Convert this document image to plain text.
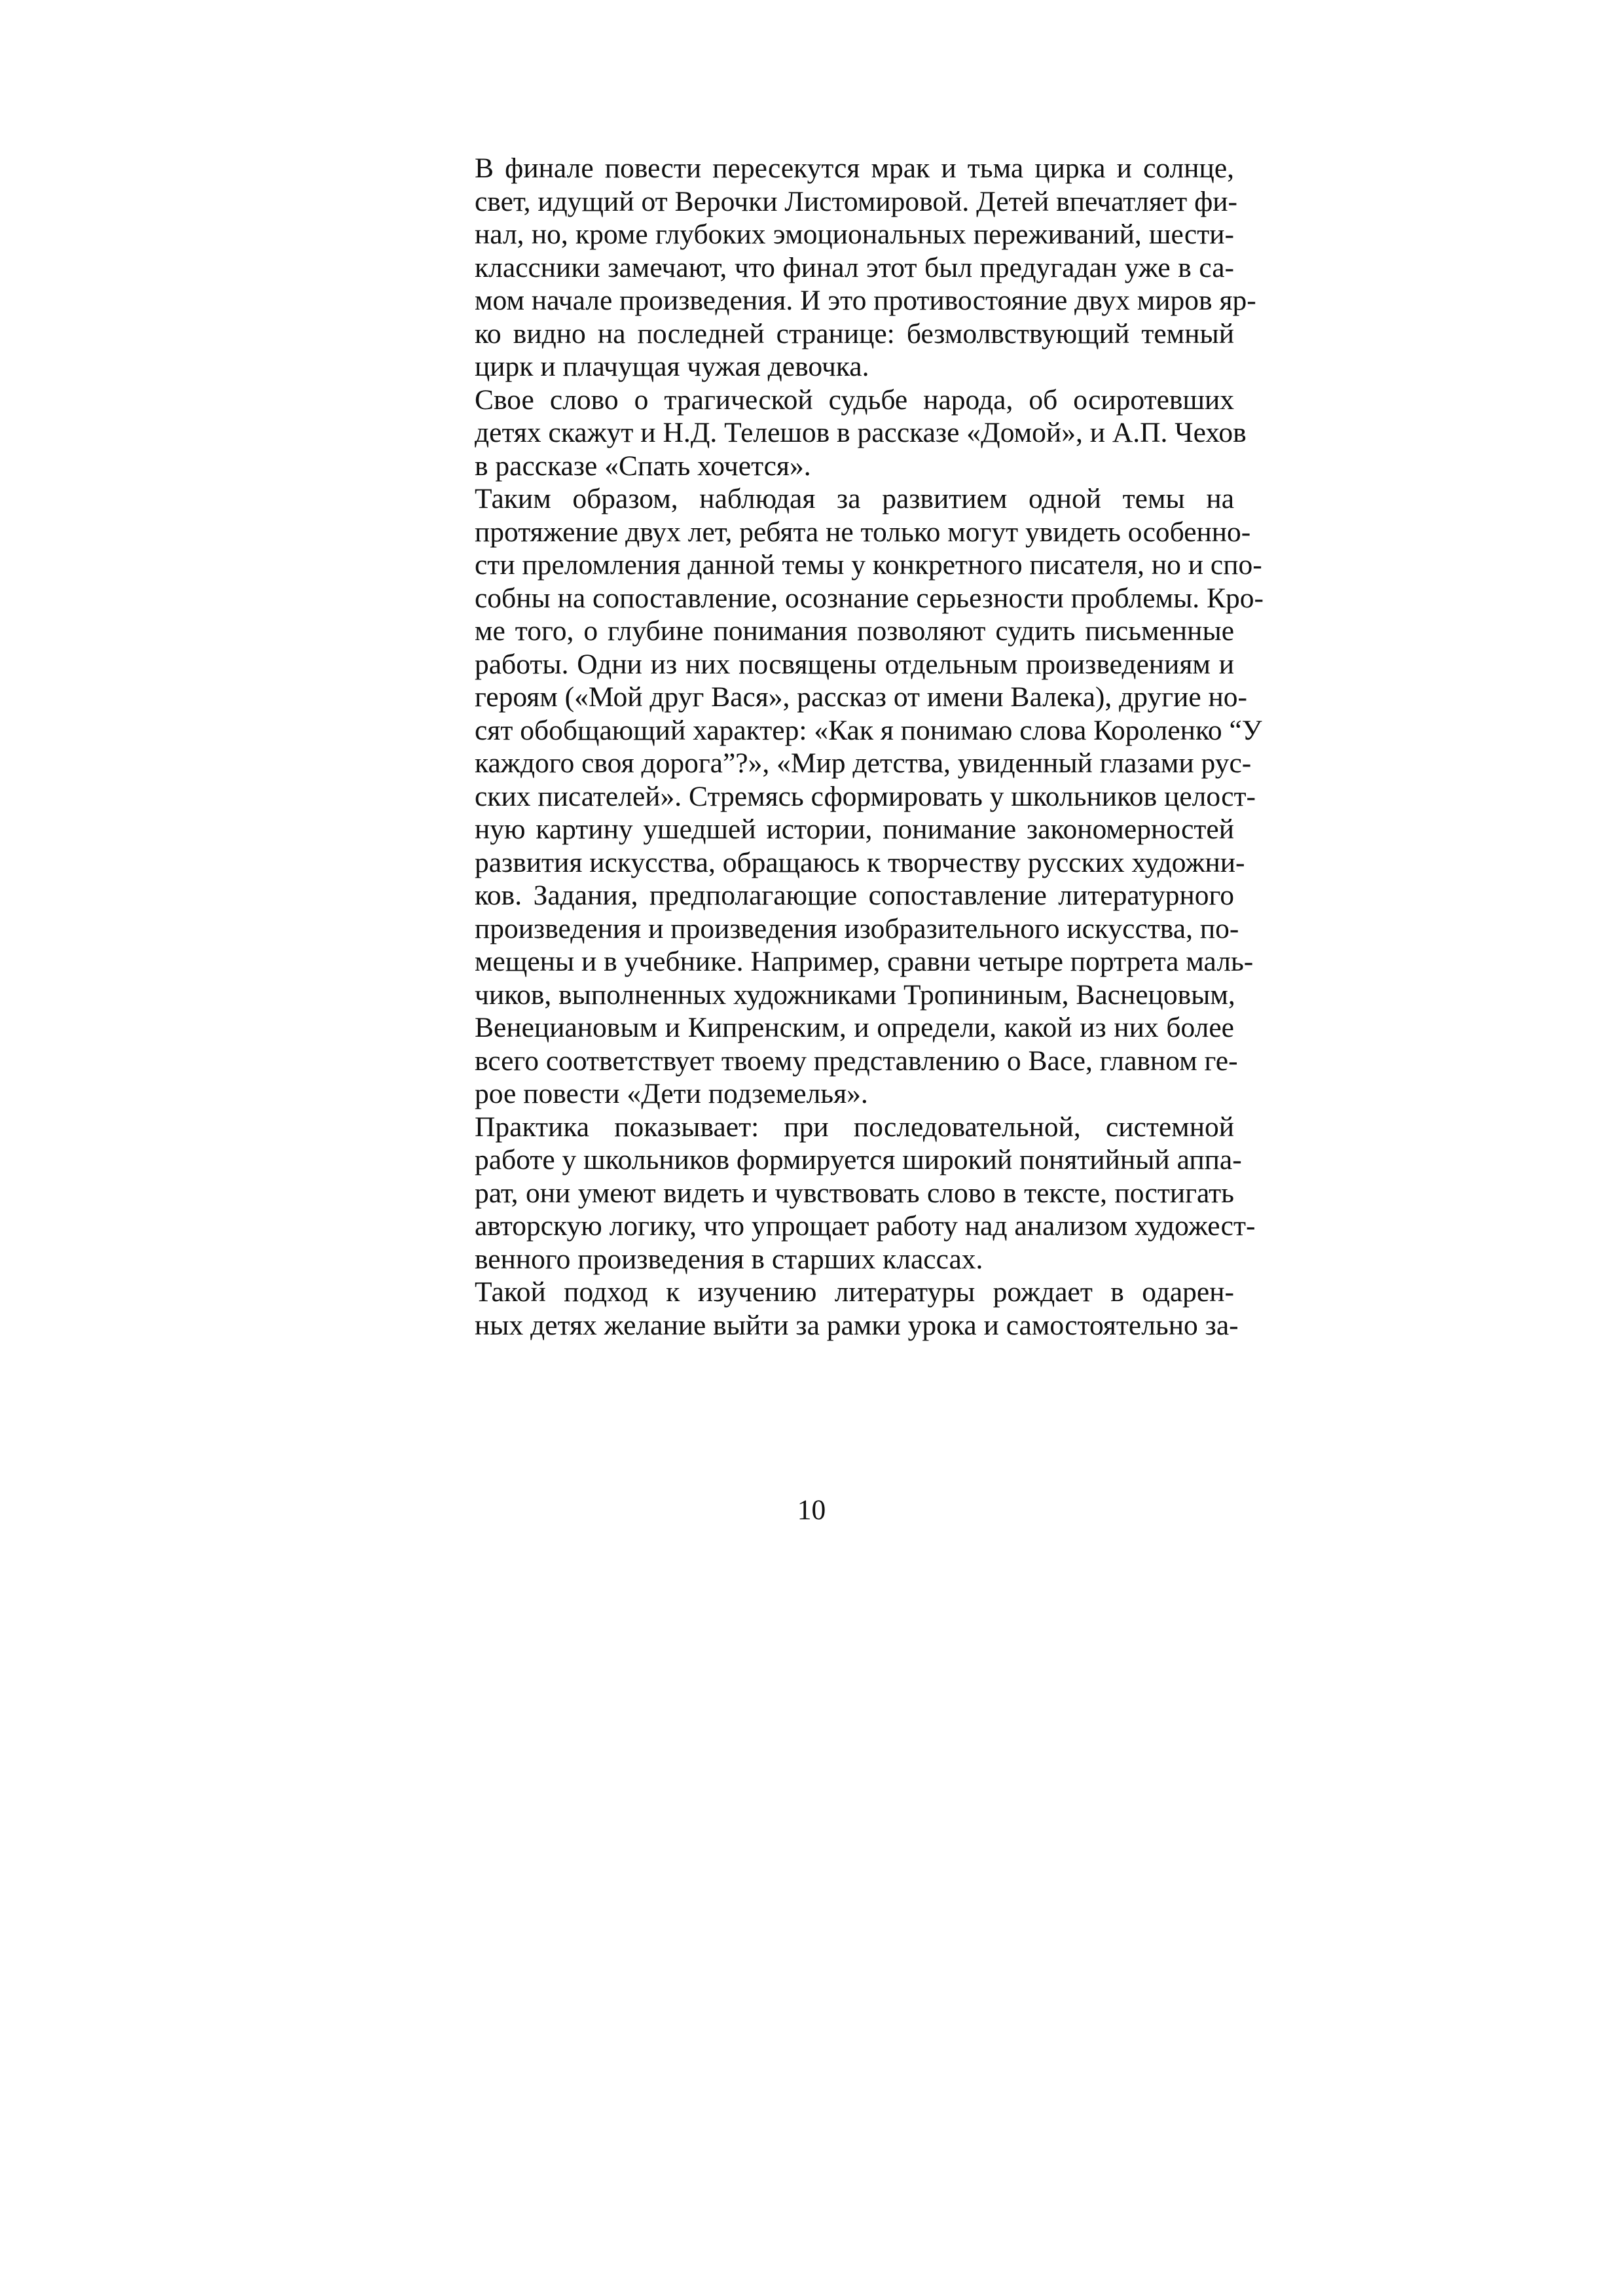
В финале повести пересекутся мрак и тьма цирка и солнце,
свет, идущий от Верочки Листомировой. Детей впечатляет фи-
нал, но, кроме глубоких эмоциональных переживаний, шести-
классники замечают, что финал этот был предугадан уже в са-
мом начале произведения. И это противостояние двух миров яр-
ко видно на последней странице: безмолвствующий темный
цирк и плачущая чужая девочка.

Свое слово о трагической судьбе народа, об осиротевших
детях скажут и Н.Д. Телешов в рассказе «Домой», и А.П. Чехов
в рассказе «Спать хочется».

Таким образом, наблюдая за развитием одной темы на
протяжение двух лет, ребята не только могут увидеть особенно-
сти преломления данной темы у конкретного писателя, но и спо-
собны на сопоставление, осознание серьезности проблемы. Кро-
ме того, о глубине понимания позволяют судить письменные
работы. Одни из них посвящены отдельным произведениям и
героям («Мой друг Вася», рассказ от имени Валека), другие но-
сят обобщающий характер: «Как я понимаю слова Короленко “У
каждого своя дорога”?», «Мир детства, увиденный глазами рус-
ских писателей». Стремясь сформировать у школьников целост-
ную картину ушедшей истории, понимание закономерностей
развития искусства, обращаюсь к творчеству русских художни-
ков. Задания, предполагающие сопоставление литературного
произведения и произведения изобразительного искусства, по-
мещены и в учебнике. Например, сравни четыре портрета маль-
чиков, выполненных художниками Тропининым, Васнецовым,
Венециановым и Кипренским, и определи, какой из них более
всего соответствует твоему представлению о Васе, главном ге-
рое повести «Дети подземелья».

Практика показывает: при последовательной, системной
работе у школьников формируется широкий понятийный аппа-
рат, они умеют видеть и чувствовать слово в тексте, постигать
авторскую логику, что упрощает работу над анализом художест-
венного произведения в старших классах.

Такой подход к изучению литературы рождает в одарен-
ных детях желание выйти за рамки урока и самостоятельно за-

10
